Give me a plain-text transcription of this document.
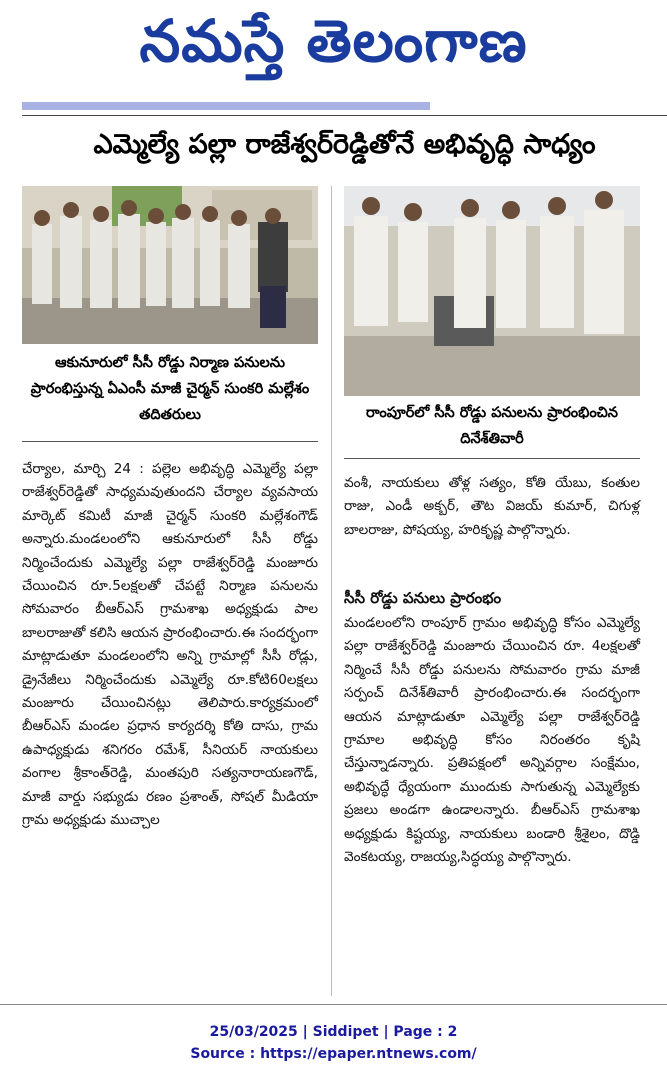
నమస్తే తెలంగాణ
ఎమ్మెల్యే పల్లా రాజేశ్వర్‌రెడ్డితోనే అభివృద్ధి సాధ్యం
ఆకునూరులో సీసీ రోడ్డు నిర్మాణ పనులను ప్రారంభిస్తున్న ఏఎంసీ మాజీ చైర్మన్ సుంకరి మల్లేశం తదితరులు	రాంపూర్‌లో సీసీ రోడ్డు పనులను ప్రారంభించిన దినేశ్‌తివారీ

చేర్యాల, మార్చి 24 : పల్లెల అభివృద్ధి ఎమ్మెల్యే పల్లా రాజేశ్వర్‌రెడ్డితో సాధ్యమవుతుందని చేర్యాల వ్యవసాయ మార్కెట్ కమిటీ మాజీ చైర్మన్ సుంకరి మల్లేశంగౌడ్ అన్నారు.మండలంలోని ఆకునూరులో సీసీ రోడ్డు నిర్మించేందుకు ఎమ్మెల్యే పల్లా రాజేశ్వర్‌రెడ్డి మంజూరు చేయించిన రూ.5లక్షలతో చేపట్టే నిర్మాణ పనులను సోమవారం బీఆర్‌ఎస్ గ్రామశాఖ అధ్యక్షుడు పాల బాలరాజుతో కలిసి ఆయన ప్రారంభించారు.ఈ సందర్భంగా మాట్లాడుతూ మండలంలోని అన్ని గ్రామాల్లో సీసీ రోడ్లు, డ్రైనేజీలు నిర్మించేందుకు ఎమ్మెల్యే రూ.కోటి60లక్షలు మంజూరు చేయించినట్లు తెలిపారు.కార్యక్రమంలో బీఆర్‌ఎస్ మండల ప్రధాన కార్యదర్శి కోతి దాసు, గ్రామ ఉపాధ్యక్షుడు శనిగరం రమేశ్, సీనియర్ నాయకులు వంగాల శ్రీకాంత్‌రెడ్డి, మంతపురి సత్యనారాయణగౌడ్, మాజీ వార్డు సభ్యుడు రణం ప్రశాంత్, సోషల్ మీడియా గ్రామ అధ్యక్షుడు ముచ్చాల

వంశీ, నాయకులు తోళ్ల సత్యం, కోతి యేబు, కంతుల రాజు, ఎండీ అక్బర్, తౌట విజయ్ కుమార్, చిగుళ్ల బాలరాజు, పోషయ్య, హరికృష్ణ పాల్గొన్నారు.

సీసీ రోడ్డు పనులు ప్రారంభం

మండలంలోని రాంపూర్ గ్రామం అభివృద్ధి కోసం ఎమ్మెల్యే పల్లా రాజేశ్వర్‌రెడ్డి మంజూరు చేయించిన రూ. 4లక్షలతో నిర్మించే సీసీ రోడ్డు పనులను సోమవారం గ్రామ మాజీ సర్పంచ్ దినేశ్‌తివారీ ప్రారంభించారు.ఈ సందర్భంగా ఆయన మాట్లాడుతూ ఎమ్మెల్యే పల్లా రాజేశ్వర్‌రెడ్డి గ్రామాల అభివృద్ధి కోసం నిరంతరం కృషి చేస్తున్నాడన్నారు. ప్రతిపక్షంలో అన్నివర్గాల సంక్షేమం, అభివృద్ధే ధ్యేయంగా ముందుకు సాగుతున్న ఎమ్మెల్యేకు ప్రజలు అండగా ఉండాలన్నారు. బీఆర్‌ఎస్ గ్రామశాఖ అధ్యక్షుడు కిష్టయ్య, నాయకులు బండారి శ్రీశైలం, దొడ్డి వెంకటయ్య, రాజయ్య,సిద్ధయ్య పాల్గొన్నారు.

25/03/2025 | Siddipet | Page : 2
Source : https://epaper.ntnews.com/
